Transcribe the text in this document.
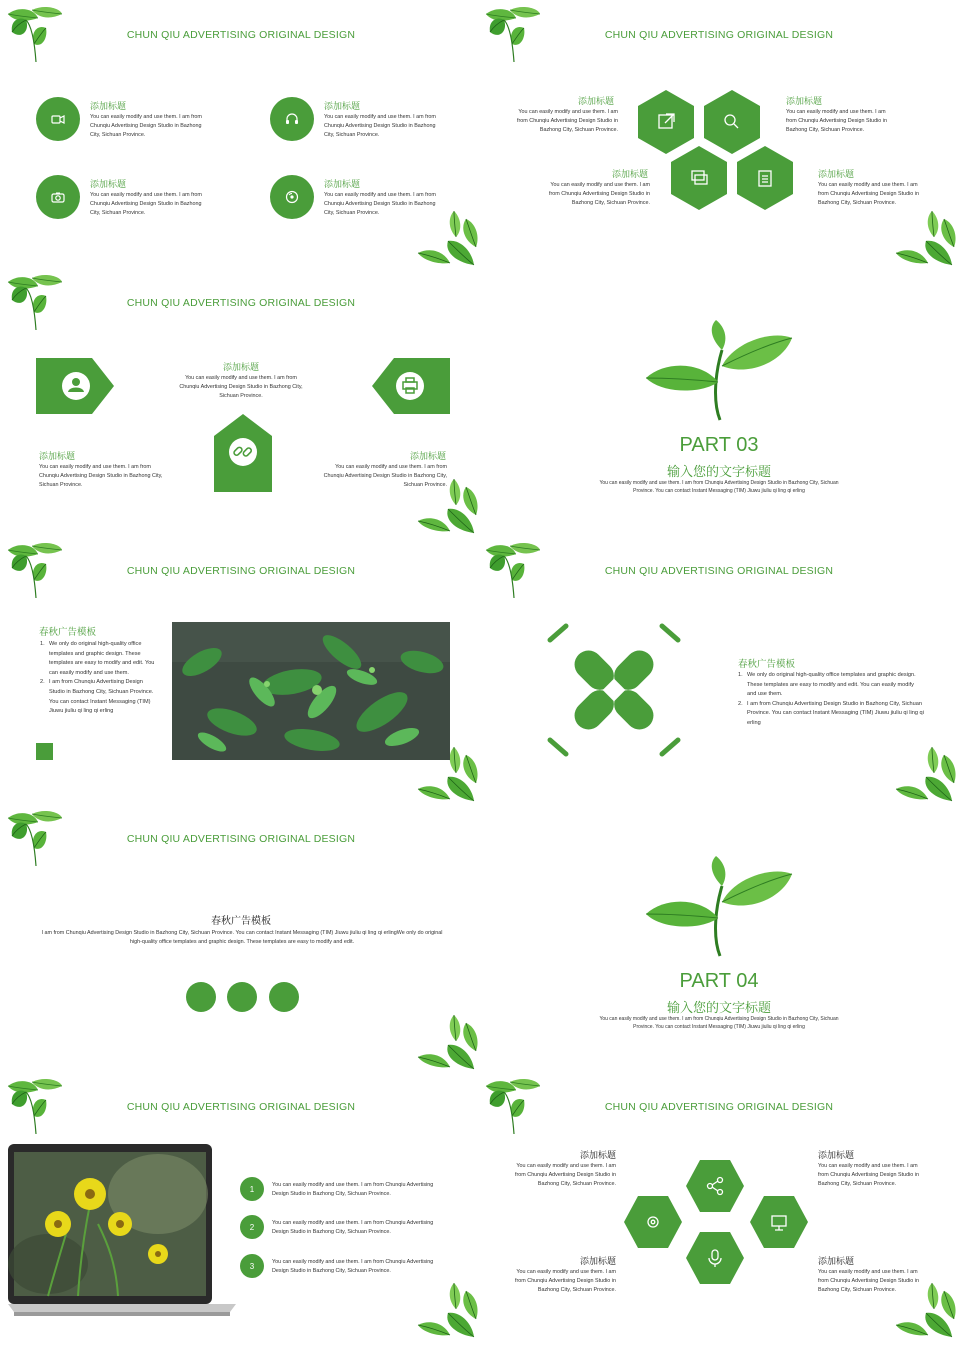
CHUN QIU ADVERTISING ORIGINAL DESIGN
添加标题
You can easily modify and use them. I am from Chunqiu Advertising Design Studio in Bazhong City, Sichuan Province.
添加标题
You can easily modify and use them. I am from Chunqiu Advertising Design Studio in Bazhong City, Sichuan Province.
添加标题
You can easily modify and use them. I am from Chunqiu Advertising Design Studio in Bazhong City, Sichuan Province.
添加标题
You can easily modify and use them. I am from Chunqiu Advertising Design Studio in Bazhong City, Sichuan Province.
CHUN QIU ADVERTISING ORIGINAL DESIGN
添加标题
You can easily modify and use them. I am from Chunqiu Advertising Design Studio in Bazhong City, Sichuan Province.
添加标题
You can easily modify and use them. I am from Chunqiu Advertising Design Studio in Bazhong City, Sichuan Province.
添加标题
You can easily modify and use them. I am from Chunqiu Advertising Design Studio in Bazhong City, Sichuan Province.
添加标题
You can easily modify and use them. I am from Chunqiu Advertising Design Studio in Bazhong City, Sichuan Province.
CHUN QIU ADVERTISING ORIGINAL DESIGN
添加标题
You can easily modify and use them. I am from Chunqiu Advertising Design Studio in Bazhong City, Sichuan Province.
添加标题
You can easily modify and use them. I am from Chunqiu Advertising Design Studio in Bazhong City, Sichuan Province.
添加标题
You can easily modify and use them. I am from Chunqiu Advertising Design Studio in Bazhong City, Sichuan Province.
PART 03
输入您的文字标题
You can easily modify and use them. I am from Chunqiu Advertising Design Studio in Bazhong City, Sichuan Province. You can contact Instant Messaging (TIM) Jiuwu jiuliu qi ling qi erling
CHUN QIU ADVERTISING ORIGINAL DESIGN
春秋广告模板
1. We only do original high-quality office templates and graphic design. These templates are easy to modify and edit. You can easily modify and use them.
2. I am from Chunqiu Advertising Design Studio in Bazhong City, Sichuan Province. You can contact Instant Messaging (TIM) Jiuwu jiuliu qi ling qi erling
CHUN QIU ADVERTISING ORIGINAL DESIGN
春秋广告模板
1. We only do original high-quality office templates and graphic design. These templates are easy to modify and edit. You can easily modify and use them.
2. I am from Chunqiu Advertising Design Studio in Bazhong City, Sichuan Province. You can contact Instant Messaging (TIM) Jiuwu jiuliu qi ling qi erling
CHUN QIU ADVERTISING ORIGINAL DESIGN
春秋广告模板
I am from Chunqiu Advertising Design Studio in Bazhong City, Sichuan Province. You can contact Instant Messaging (TIM) Jiuwu jiuliu qi ling qi erlingWe only do original high-quality office templates and graphic design. These templates are easy to modify and edit.
PART 04
输入您的文字标题
You can easily modify and use them. I am from Chunqiu Advertising Design Studio in Bazhong City, Sichuan Province. You can contact Instant Messaging (TIM) Jiuwu jiuliu qi ling qi erling
CHUN QIU ADVERTISING ORIGINAL DESIGN
1	You can easily modify and use them. I am from Chunqiu Advertising Design Studio in Bazhong City, Sichuan Province.
2	You can easily modify and use them. I am from Chunqiu Advertising Design Studio in Bazhong City, Sichuan Province.
3	You can easily modify and use them. I am from Chunqiu Advertising Design Studio in Bazhong City, Sichuan Province.
CHUN QIU ADVERTISING ORIGINAL DESIGN
添加标题
You can easily modify and use them. I am from Chunqiu Advertising Design Studio in Bazhong City, Sichuan Province.
添加标题
You can easily modify and use them. I am from Chunqiu Advertising Design Studio in Bazhong City, Sichuan Province.
添加标题
You can easily modify and use them. I am from Chunqiu Advertising Design Studio in Bazhong City, Sichuan Province.
添加标题
You can easily modify and use them. I am from Chunqiu Advertising Design Studio in Bazhong City, Sichuan Province.
